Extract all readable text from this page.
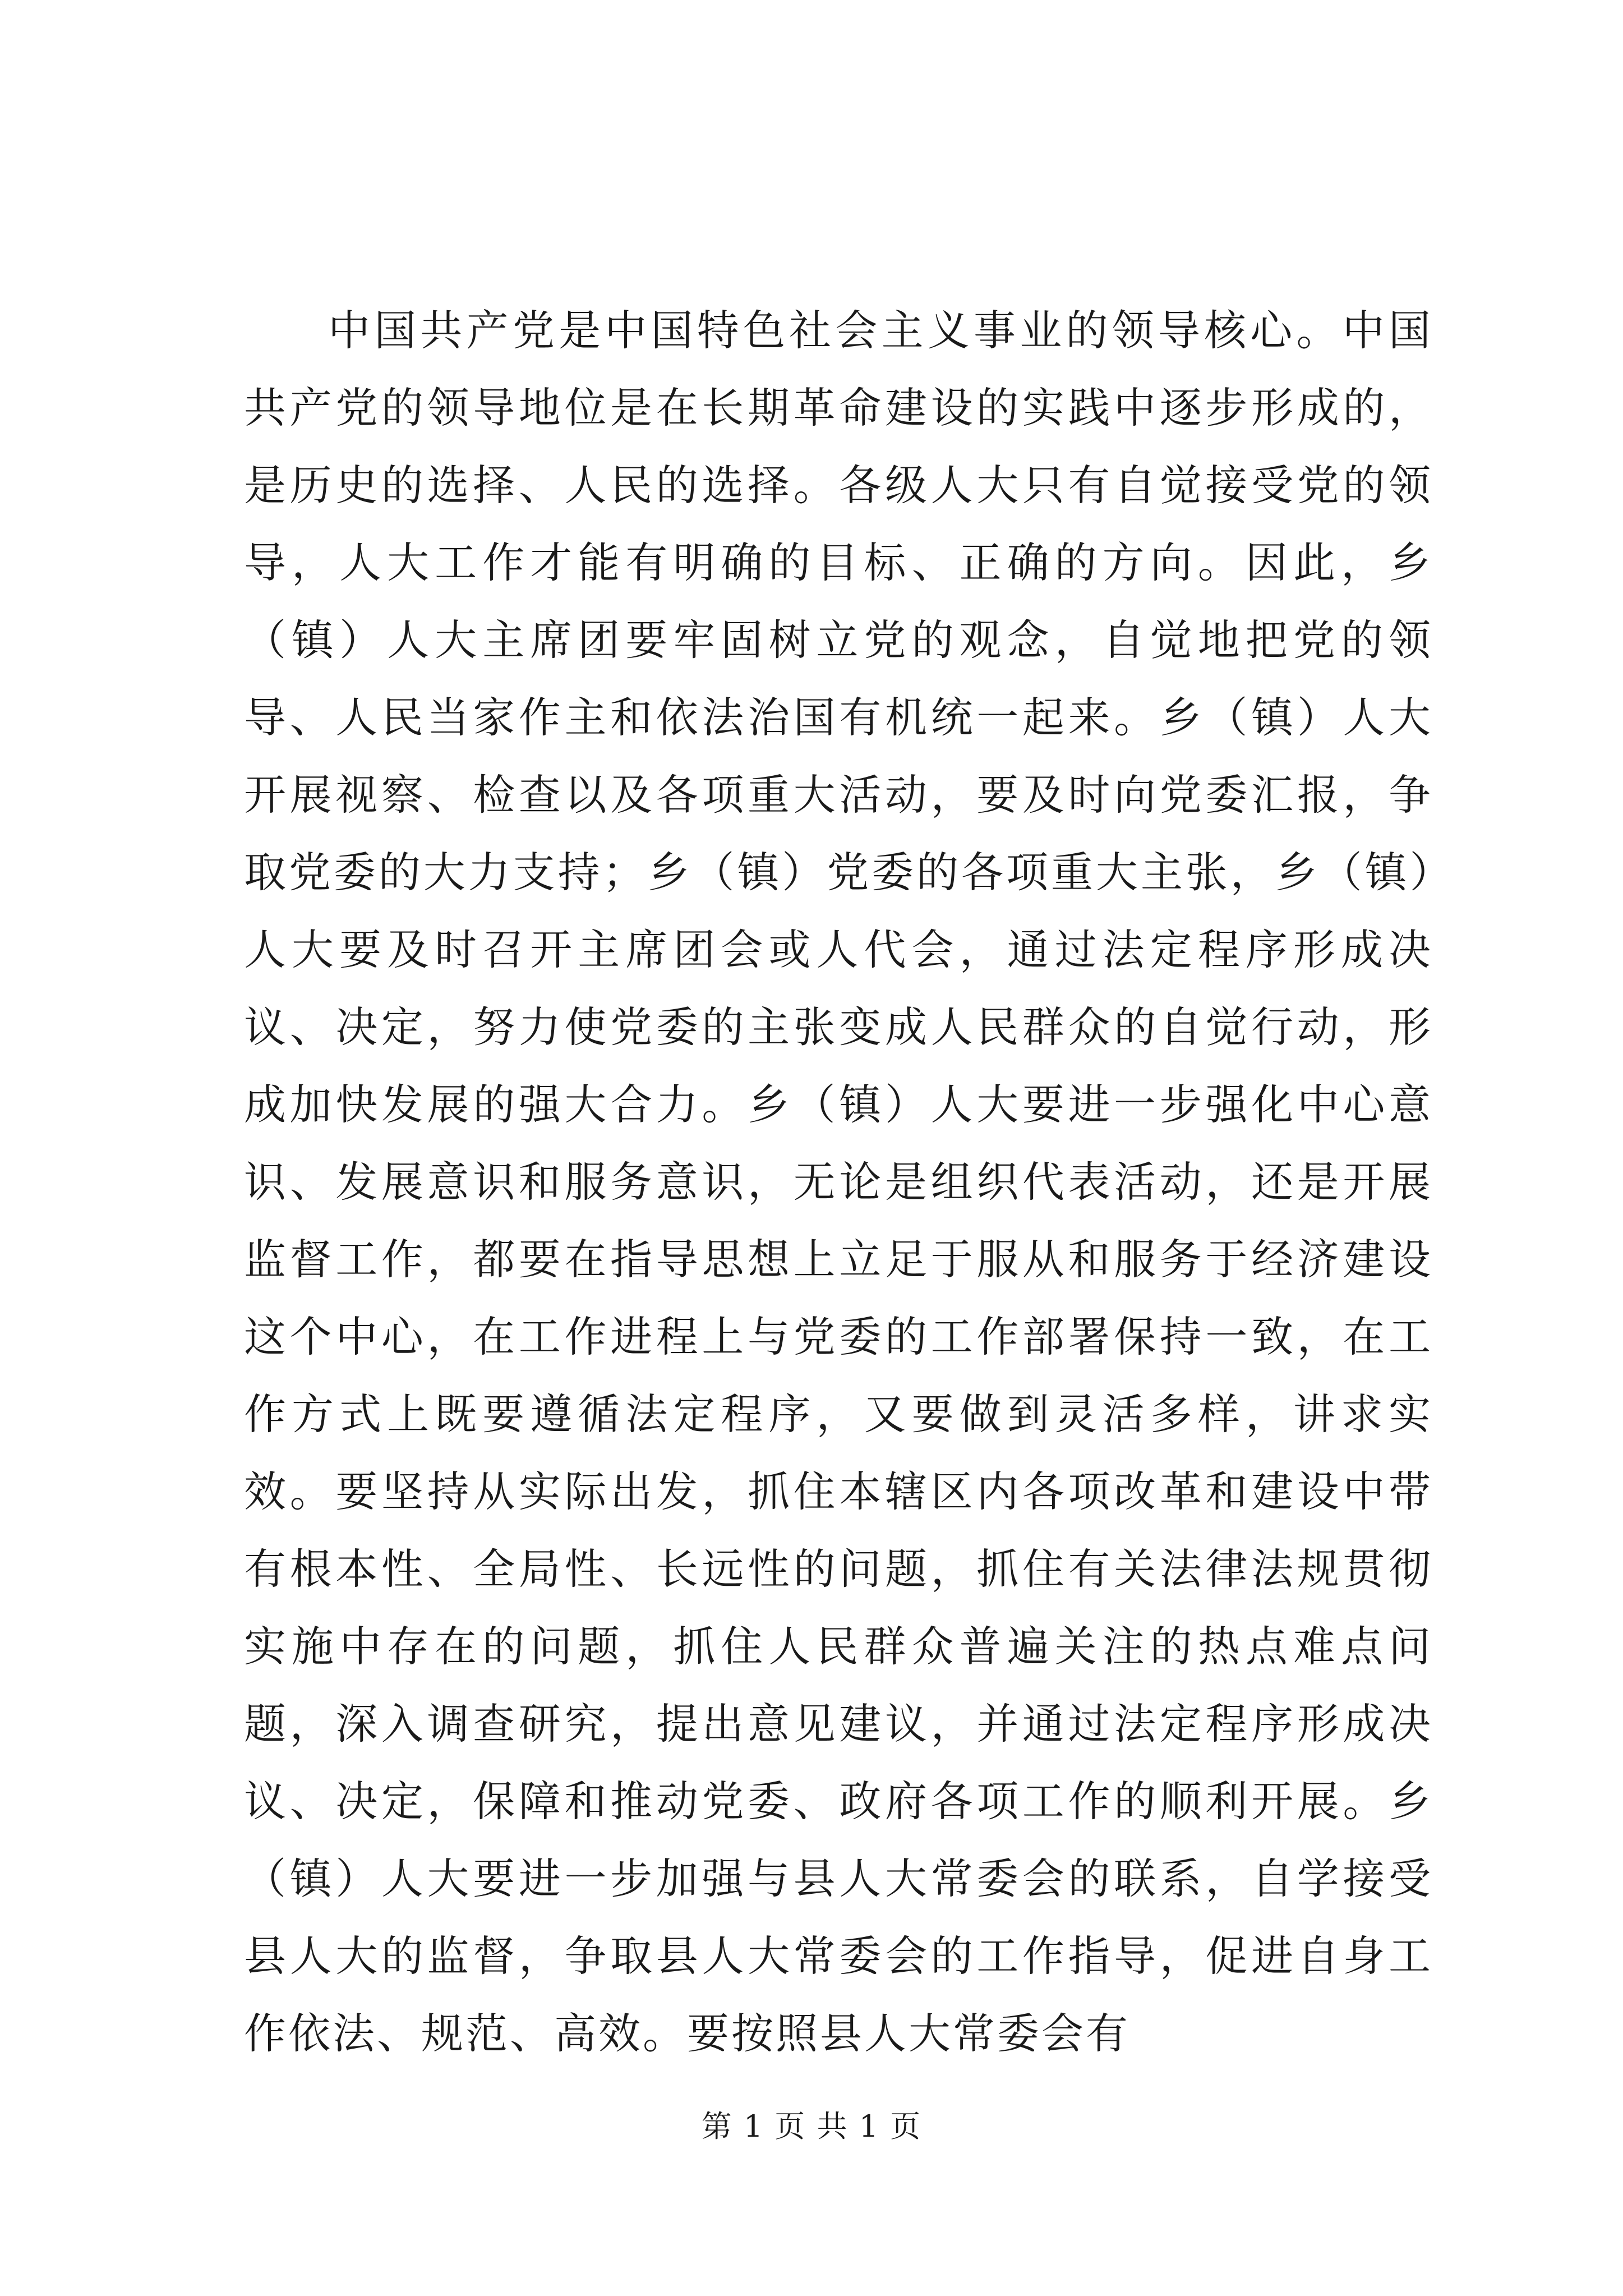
中国共产党是中国特色社会主义事业的领导核心。中国共产党的领导地位是在长期革命建设的实践中逐步形成的，是历史的选择、人民的选择。各级人大只有自觉接受党的领导，人大工作才能有明确的目标、正确的方向。因此，乡（镇）人大主席团要牢固树立党的观念，自觉地把党的领导、人民当家作主和依法治国有机统一起来。乡（镇）人大开展视察、检查以及各项重大活动，要及时向党委汇报，争取党委的大力支持；乡（镇）党委的各项重大主张，乡（镇）人大要及时召开主席团会或人代会，通过法定程序形成决议、决定，努力使党委的主张变成人民群众的自觉行动，形成加快发展的强大合力。乡（镇）人大要进一步强化中心意识、发展意识和服务意识，无论是组织代表活动，还是开展监督工作，都要在指导思想上立足于服从和服务于经济建设这个中心，在工作进程上与党委的工作部署保持一致，在工作方式上既要遵循法定程序，又要做到灵活多样，讲求实效。要坚持从实际出发，抓住本辖区内各项改革和建设中带有根本性、全局性、长远性的问题，抓住有关法律法规贯彻实施中存在的问题，抓住人民群众普遍关注的热点难点问题，深入调查研究，提出意见建议，并通过法定程序形成决议、决定，保障和推动党委、政府各项工作的顺利开展。乡（镇）人大要进一步加强与县人大常委会的联系，自学接受县人大的监督，争取县人大常委会的工作指导，促进自身工作依法、规范、高效。要按照县人大常委会有

第 1 页 共 1 页
